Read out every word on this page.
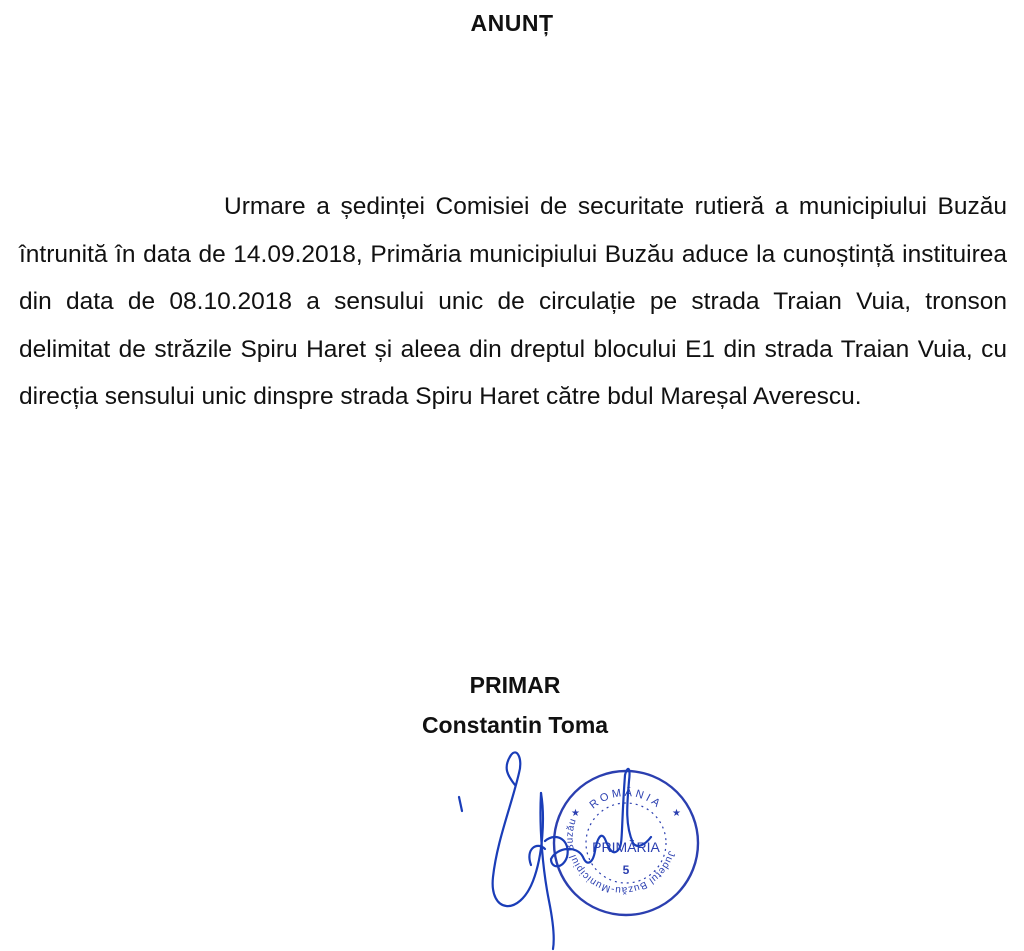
ANUNȚ

Urmare a ședinței Comisiei de securitate rutieră a municipiului Buzău întrunită în data de 14.09.2018, Primăria municipiului Buzău aduce la cunoștință instituirea din data de 08.10.2018 a sensului unic de circulație pe strada Traian Vuia, tronson delimitat de străzile Spiru Haret și aleea din dreptul blocului E1 din strada Traian Vuia, cu direcția sensului unic dinspre strada Spiru Haret către bdul Mareșal Averescu.

PRIMAR
Constantin Toma
★	★
ROMÂNIA
Județul Buzău-Municipiul Buzău
PRIMĂRIA
5
